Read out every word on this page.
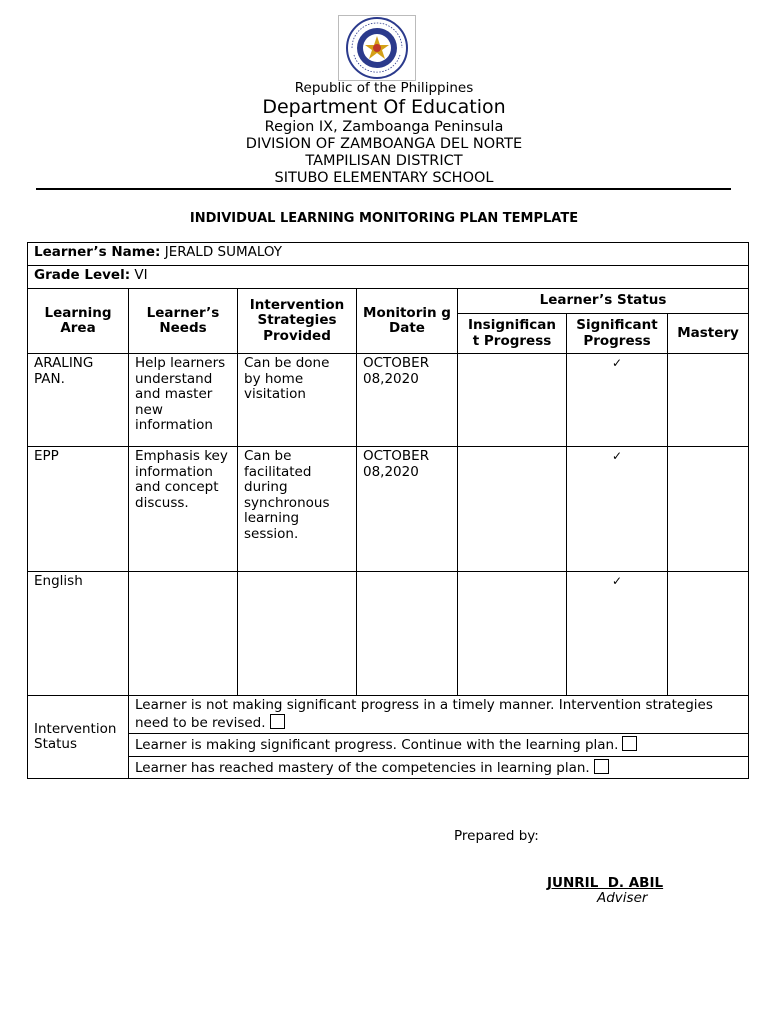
Republic of the Philippines
Department Of Education
Region IX, Zamboanga Peninsula
DIVISION OF ZAMBOANGA DEL NORTE
TAMPILISAN DISTRICT
SITUBO ELEMENTARY SCHOOL
INDIVIDUAL LEARNING MONITORING PLAN TEMPLATE
Learner’s Name: JERALD SUMALOY						
Grade Level: VI						
Learning Area	Learner’s Needs	Intervention Strategies Provided	Monitorin g Date	Learner’s Status		
				Insignifican t Progress	Significant Progress	Mastery
ARALING PAN.	Help learners understand and master new information	Can be done by home visitation	OCTOBER 08,2020		✓	
EPP	Emphasis key information and concept discuss.	Can be facilitated during synchronous learning session.	OCTOBER 08,2020		✓	
English					✓	
Intervention Status	Learner is not making significant progress in a timely manner. Intervention strategies need to be revised.					
	Learner is making significant progress. Continue with the learning plan.					
	Learner has reached mastery of the competencies in learning plan.					
Prepared by:
JUNRIL  D. ABIL
Adviser
